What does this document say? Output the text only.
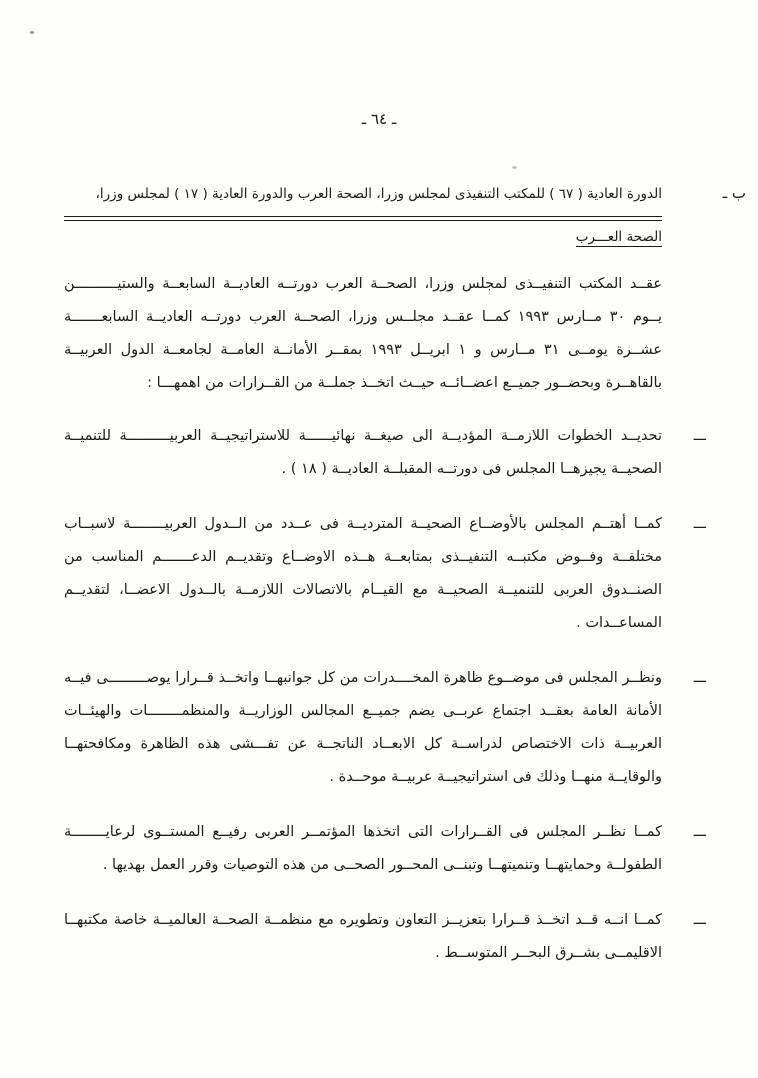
ـ ٦٤ ـ
ب ـ
الدورة العادية ( ٦٧ ) للمكتب التنفيذى لمجلس وزرا، الصحة العرب والدورة العادية ( ١٧ ) لمجلس وزرا،
الصحة العـــرب

عقــد المكتب التنفيــذى لمجلس وزرا، الصحــة العرب دورتــه العاديــة السابعــة والستيــــــــــن يــوم ٣٠ مــارس ١٩٩٣ كمــا عقــد مجلــس وزرا، الصحــة العرب دورتــه العاديــة السابعـــــــة عشــرة يومــى ٣١ مــارس و ١ ابريــل ١٩٩٣ بمقــر الأمانــة العامــة لجامعــة الدول العربيــة بالقاهــرة وبحضــور جميــع اعضــائــه حيــث اتخــذ جملــة من القــرارات من اهمهـــا :

ـــ
تحديــد الخطوات اللازمــة المؤديــة الى صيغــة نهائيــــــة للاستراتيجيــة العربيــــــــــة للتنميــة الصحيــة يجيزهــا المجلس فى دورتــه المقبلــة العاديــة ( ١٨ ) .
ـــ
كمــا أهتــم المجلس بالأوضــاع الصحيــة المترديــة فى عــدد من الــدول العربيــــــــة لاسبــاب مختلفــة وفــوض مكتبــه التنفيــذى بمتابعــة هــذه الاوضــاع وتقديــم الدعـــــــم المناسب من الصنــدوق العربى للتنميــة الصحيــة مع القيــام بالاتصالات اللازمــة بالــدول الاعضــا، لتقديــم المساعــدات .
ـــ
ونظــر المجلس فى موضــوع ظاهرة المخــــدرات من كل جوانبهــا واتخــذ قــرارا يوصـــــــــى فيــه الأمانة العامة بعقــد اجتماع عربــى يضم جميــع المجالس الوزاريــة والمنظمــــــــات والهيئــات العربيــة ذات الاختصاص لدراســة كل الابعــاد الناتجــة عن تفـــشى هذه الظاهرة ومكافحتهــا والوقايــة منهــا وذلك فى استراتيجيــة عربيــة موحــدة .
ـــ
كمــا نظــر المجلس فى القــرارات التى اتخذها المؤتمــر العربى رفيــع المستــوى لرعايــــــــة الطفولــة وحمايتهــا وتنميتهــا وتبنــى المحــور الصحــى من هذه التوصيات وقرر العمل بهديها .
ـــ
كمــا انــه قــد اتخــذ قــرارا بتعزيــز التعاون وتطويره مع منظمــة الصحــة العالميــة خاصة مكتبهــا الاقليمــى بشــرق البحــر المتوســط .
